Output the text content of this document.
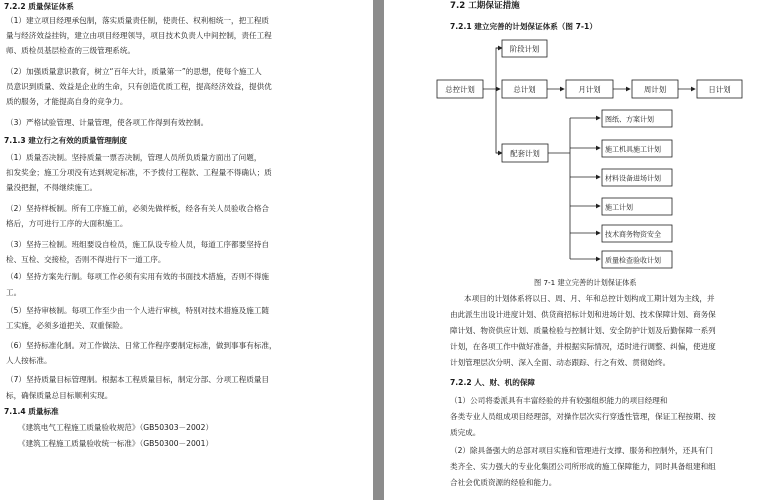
7.2.2 质量保证体系
（1）建立项目经理承包制，落实质量责任制，使责任、权利相统一，把工程质
量与经济效益挂钩，建立由项目经理领导，项目技术负责人中间控制，责任工程
师、质检员基层检查的三级管理系统。
（2）加强质量意识教育，树立“百年大计，质量第一”的思想，使每个施工人
员意识到质量、效益是企业的生命，只有创造优质工程，提高经济效益，提供优
质的服务，才能提高自身的竞争力。
（3）严格试验管理、计量管理，使各项工作得到有效控制。
7.1.3 建立行之有效的质量管理制度
（1）质量否决制。坚持质量一票否决制，管理人员所负质量方面出了问题，
扣发奖金；施工分项没有达到规定标准，不予拨付工程款、工程量不得确认；质
量没把握，不得继续施工。
（2）坚持样板制。所有工序施工前，必须先做样板，经各有关人员验收合格合
格后，方可进行工序的大面积施工。
（3）坚持三检制。班组要设自检员，施工队设专检人员，每道工序都要坚持自
检、互检、交接检，否则不得进行下一道工序。
（4）坚持方案先行制。每项工作必须有实用有效的书面技术措施，否则不得施
工。
（5）坚持审核制。每项工作至少由一个人进行审核，特别对技术措施及施工随
工实施，必须多道把关、双重保险。
（6）坚持标准化制。对工作做法、日常工作程序要制定标准，做到事事有标准，
人人按标准。
（7）坚持质量目标管理制。根据本工程质量目标，制定分部、分项工程质量目
标，确保质量总目标顺利实现。
7.1.4 质量标准
《建筑电气工程施工质量验收规范》（GB50303－2002）
《建筑工程施工质量验收统一标准》（GB50300－2001）
7.2 工期保证措施
7.2.1 建立完善的计划保证体系（图 7-1）
总控计划
阶段计划
总计划	月计划	周计划	日计划
配套计划
图纸、方案计划
施工机具施工计划
材料设备进场计划
施工计划
技术商务物资安全
质量检查验收计划
图 7-1 建立完善的计划保证体系
本项目的计划体系将以日、周、月、年和总控计划构成工期计划为主线，并
由此派生出设计进度计划、供货商招标计划和进场计划、技术保障计划、商务保
障计划、物资供应计划、质量检验与控制计划、安全防护计划及后勤保障一系列
计划，在各项工作中做好准备，并根据实际情况，适时进行调整、纠偏，使进度
计划管理层次分明、深入全面、动态跟踪、行之有效、贯彻始终。
7.2.2 人、财、机的保障
（1）公司将委派具有丰富经验的并有较强组织能力的项目经理和
各类专业人员组成项目经理部，对操作层次实行穿透性管理，保证工程按期、按
质完成。
（2）除具备强大的总部对项目实施和管理进行支撑、服务和控制外，还具有门
类齐全、实力强大的专业化集团公司所形成的施工保障能力，同时具备组建和组
合社会优质资源的经验和能力。
